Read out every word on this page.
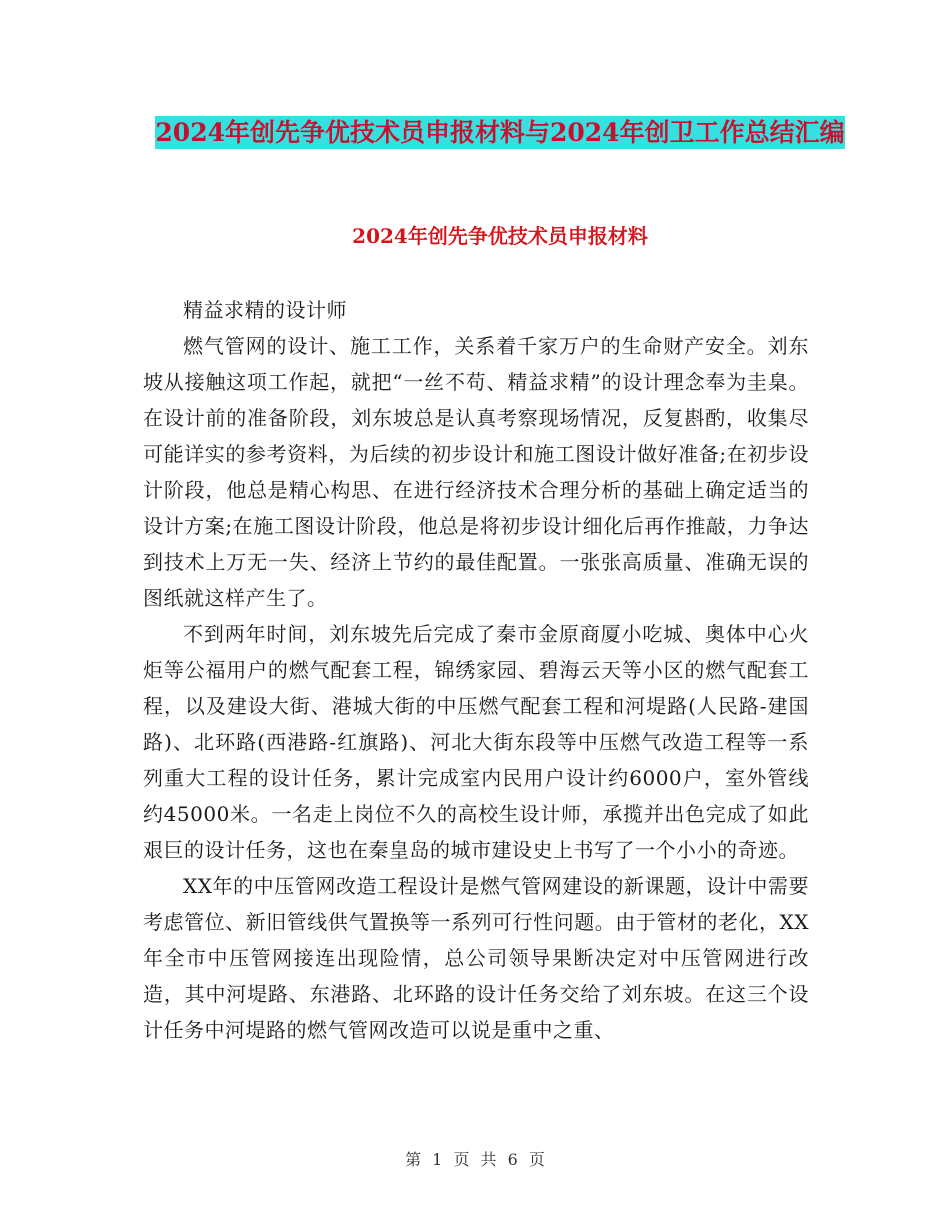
2024年创先争优技术员申报材料与2024年创卫工作总结汇编
2024年创先争优技术员申报材料

精益求精的设计师

燃气管网的设计、施工工作，关系着千家万户的生命财产安全。刘东坡从接触这项工作起，就把“一丝不苟、精益求精”的设计理念奉为圭臬。在设计前的准备阶段，刘东坡总是认真考察现场情况，反复斟酌，收集尽可能详实的参考资料，为后续的初步设计和施工图设计做好准备;在初步设计阶段，他总是精心构思、在进行经济技术合理分析的基础上确定适当的设计方案;在施工图设计阶段，他总是将初步设计细化后再作推敲，力争达到技术上万无一失、经济上节约的最佳配置。一张张高质量、准确无误的图纸就这样产生了。

不到两年时间，刘东坡先后完成了秦市金原商厦小吃城、奥体中心火炬等公福用户的燃气配套工程，锦绣家园、碧海云天等小区的燃气配套工程，以及建设大街、港城大街的中压燃气配套工程和河堤路(人民路-建国路)、北环路(西港路-红旗路)、河北大街东段等中压燃气改造工程等一系列重大工程的设计任务，累计完成室内民用户设计约6000户，室外管线约45000米。一名走上岗位不久的高校生设计师，承揽并出色完成了如此艰巨的设计任务，这也在秦皇岛的城市建设史上书写了一个小小的奇迹。

XX年的中压管网改造工程设计是燃气管网建设的新课题，设计中需要考虑管位、新旧管线供气置换等一系列可行性问题。由于管材的老化，XX年全市中压管网接连出现险情，总公司领导果断决定对中压管网进行改造，其中河堤路、东港路、北环路的设计任务交给了刘东坡。在这三个设计任务中河堤路的燃气管网改造可以说是重中之重、

第 1 页 共 6 页
